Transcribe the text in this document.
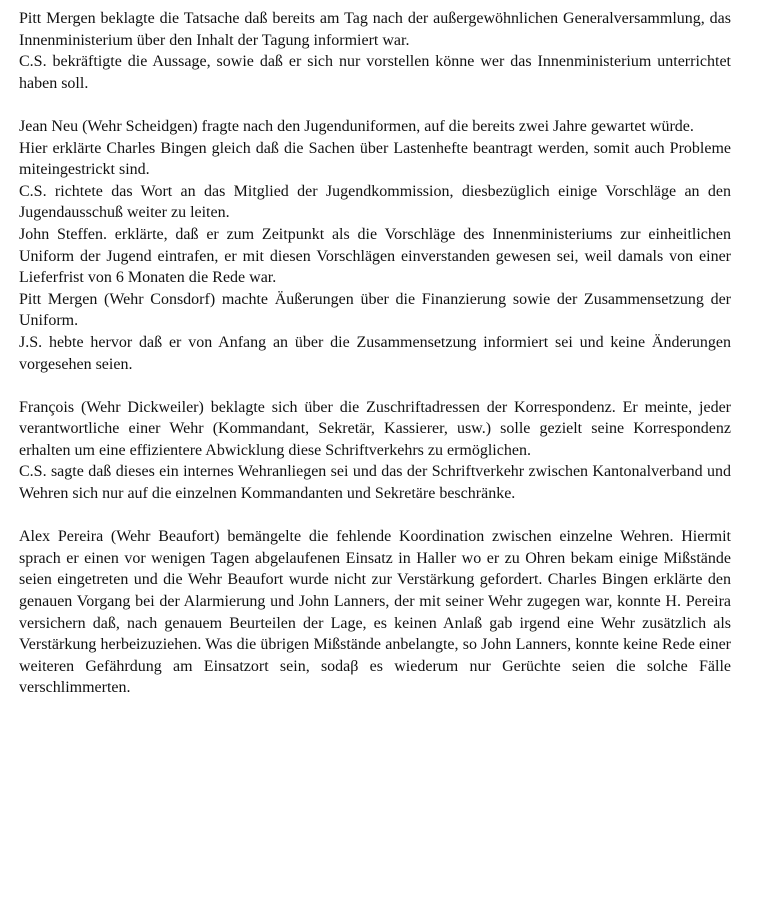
Pitt Mergen beklagte die Tatsache daß bereits am Tag nach der außergewöhnlichen Generalversammlung, das Innenministerium über den Inhalt der Tagung informiert war.

C.S. bekräftigte die Aussage, sowie daß er sich nur vorstellen könne wer das Innenministerium unterrichtet haben soll.

Jean Neu (Wehr Scheidgen) fragte nach den Jugenduniformen, auf die bereits zwei Jahre gewartet würde.

Hier erklärte Charles Bingen gleich daß die Sachen über Lastenhefte beantragt werden, somit auch Probleme miteingestrickt sind.

C.S. richtete das Wort an das Mitglied der Jugendkommission, diesbezüglich einige Vorschläge an den Jugendausschuß weiter zu leiten.

John Steffen. erklärte, daß er zum Zeitpunkt als die Vorschläge des Innenministeriums zur einheitlichen Uniform der Jugend eintrafen, er mit diesen Vorschlägen einverstanden gewesen sei, weil damals von einer Lieferfrist von 6 Monaten die Rede war.

Pitt Mergen (Wehr Consdorf) machte Äußerungen über die Finanzierung sowie der Zusammensetzung der Uniform.

J.S. hebte hervor daß er von Anfang an über die Zusammensetzung informiert sei und keine Änderungen vorgesehen seien.

François (Wehr Dickweiler) beklagte sich über die Zuschriftadressen der Korrespondenz. Er meinte, jeder verantwortliche einer Wehr (Kommandant, Sekretär, Kassierer, usw.) solle gezielt seine Korrespondenz erhalten um eine effizientere Abwicklung diese Schriftverkehrs zu ermöglichen.

C.S. sagte daß dieses ein internes Wehranliegen sei und das der Schriftverkehr zwischen Kantonalverband und Wehren sich nur auf die einzelnen Kommandanten und Sekretäre beschränke.

Alex Pereira (Wehr Beaufort) bemängelte die fehlende Koordination zwischen einzelne Wehren. Hiermit sprach er einen vor wenigen Tagen abgelaufenen Einsatz in Haller wo er zu Ohren bekam einige Mißstände seien eingetreten und die Wehr Beaufort wurde nicht zur Verstärkung gefordert. Charles Bingen erklärte den genauen Vorgang bei der Alarmierung und John Lanners, der mit seiner Wehr zugegen war, konnte H. Pereira versichern daß, nach genauem Beurteilen der Lage, es keinen Anlaß gab irgend eine Wehr zusätzlich als Verstärkung herbeizuziehen. Was die übrigen Mißstände anbelangte, so John Lanners, konnte keine Rede einer weiteren Gefährdung am Einsatzort sein, sodaβ es wiederum nur Gerüchte seien die solche Fälle verschlimmerten.
